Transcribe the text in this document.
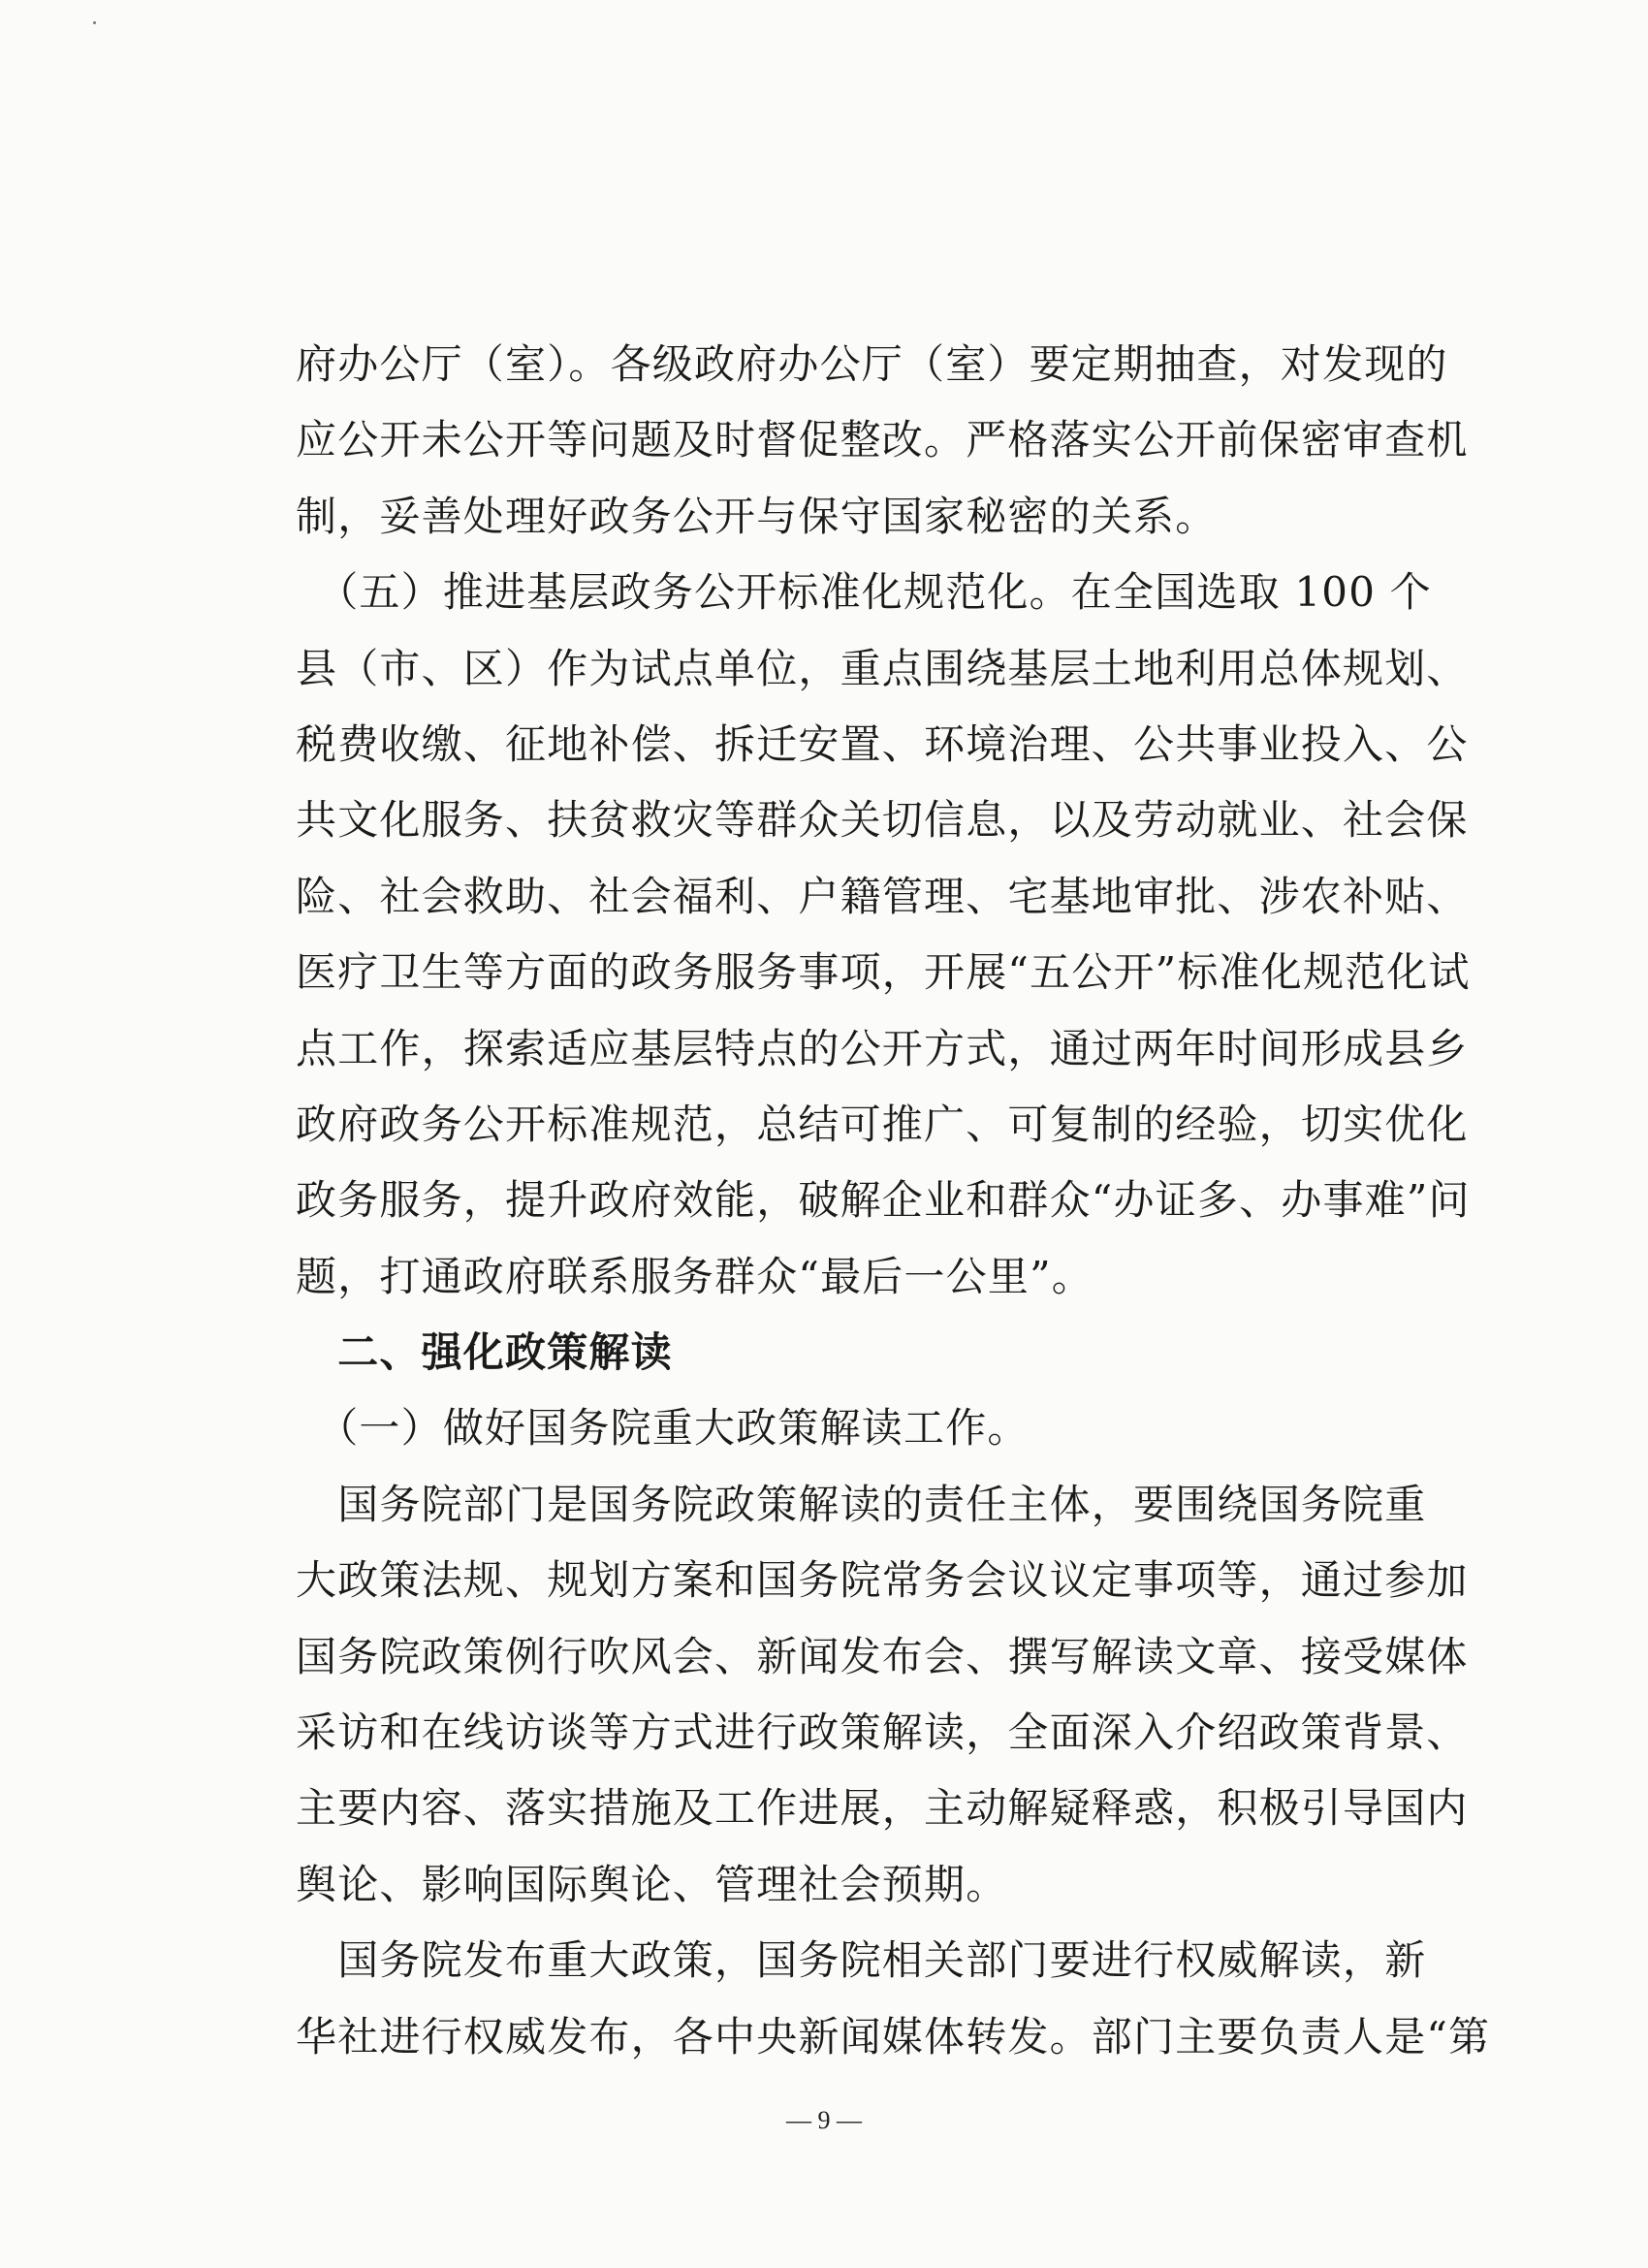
府办公厅（室）。各级政府办公厅（室）要定期抽查，对发现的
应公开未公开等问题及时督促整改。严格落实公开前保密审查机
制，妥善处理好政务公开与保守国家秘密的关系。
　（五）推进基层政务公开标准化规范化。在全国选取 100 个
县（市、区）作为试点单位，重点围绕基层土地利用总体规划、
税费收缴、征地补偿、拆迁安置、环境治理、公共事业投入、公
共文化服务、扶贫救灾等群众关切信息，以及劳动就业、社会保
险、社会救助、社会福利、户籍管理、宅基地审批、涉农补贴、
医疗卫生等方面的政务服务事项，开展“五公开”标准化规范化试
点工作，探索适应基层特点的公开方式，通过两年时间形成县乡
政府政务公开标准规范，总结可推广、可复制的经验，切实优化
政务服务，提升政府效能，破解企业和群众“办证多、办事难”问
题，打通政府联系服务群众“最后一公里”。
　二、强化政策解读
　（一）做好国务院重大政策解读工作。
　国务院部门是国务院政策解读的责任主体，要围绕国务院重
大政策法规、规划方案和国务院常务会议议定事项等，通过参加
国务院政策例行吹风会、新闻发布会、撰写解读文章、接受媒体
采访和在线访谈等方式进行政策解读，全面深入介绍政策背景、
主要内容、落实措施及工作进展，主动解疑释惑，积极引导国内
舆论、影响国际舆论、管理社会预期。
　国务院发布重大政策，国务院相关部门要进行权威解读，新
华社进行权威发布，各中央新闻媒体转发。部门主要负责人是“第
— 9 —
